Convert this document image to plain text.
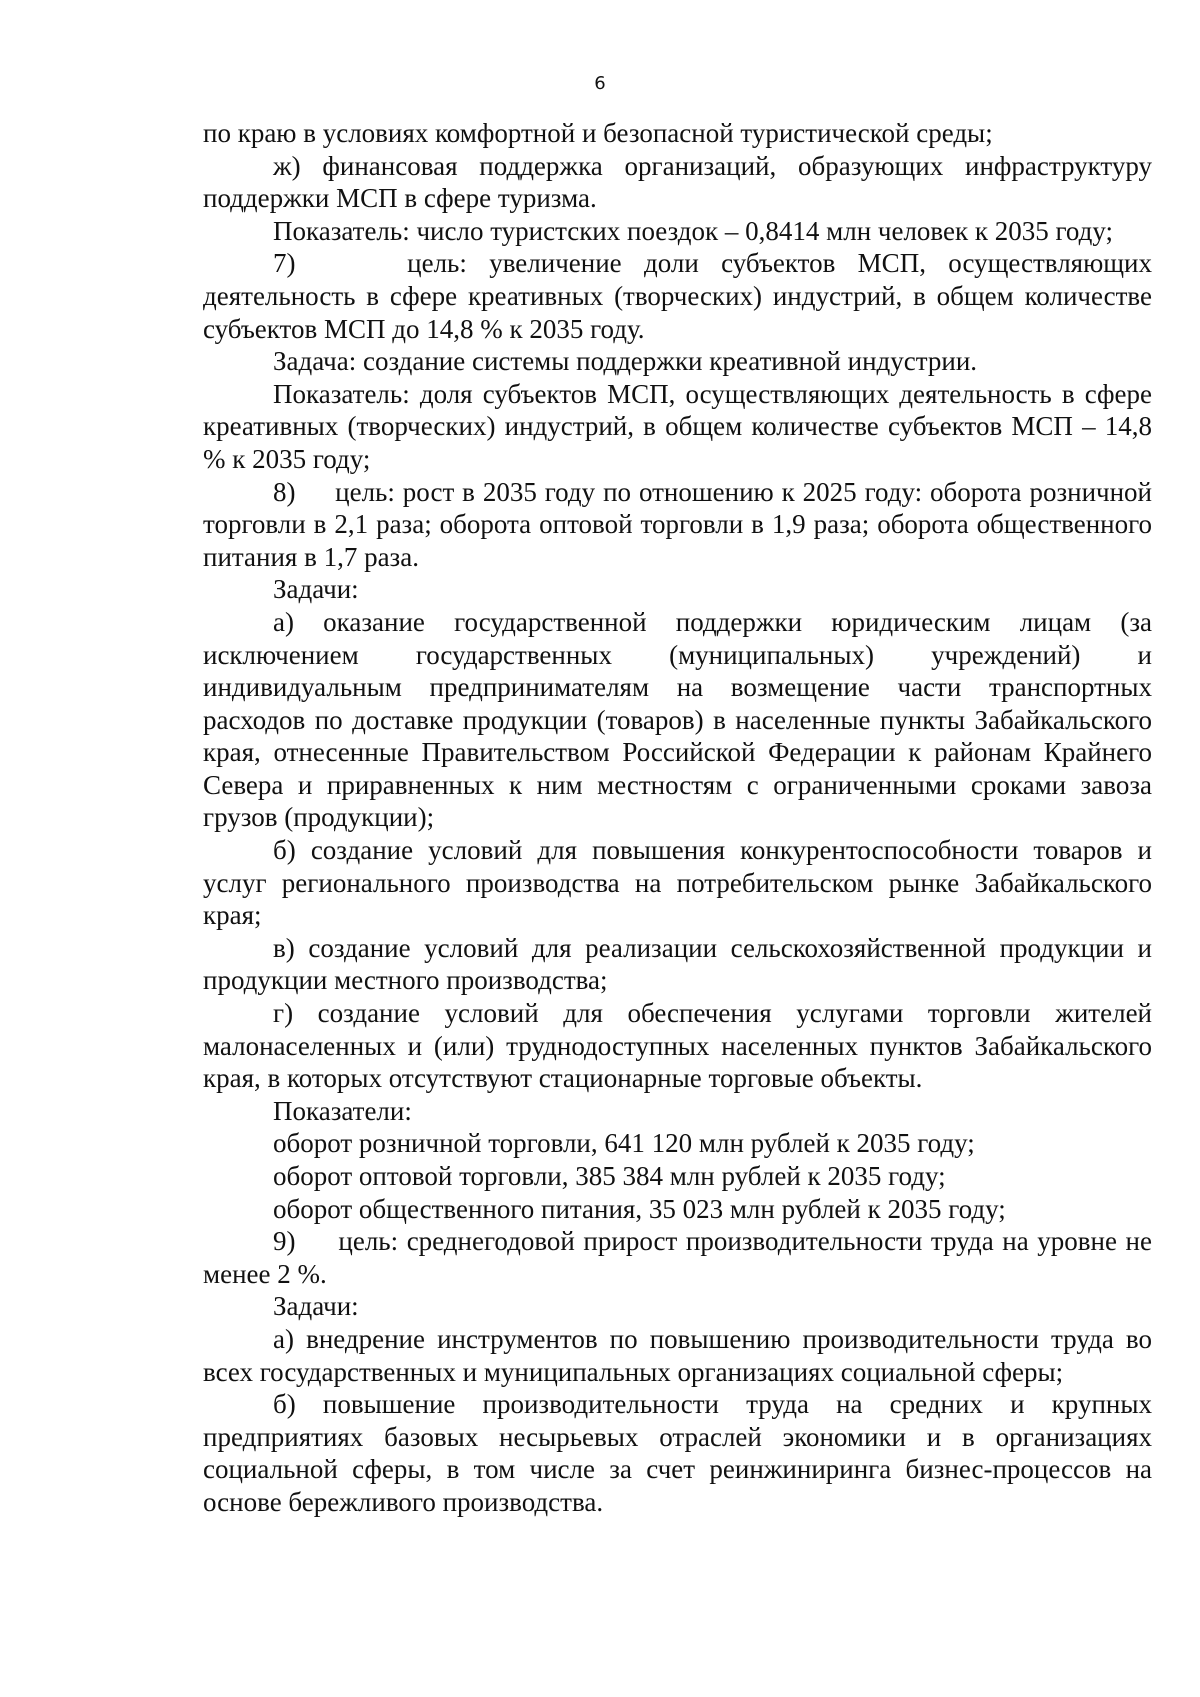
6

по краю в условиях комфортной и безопасной туристической среды;

ж) финансовая поддержка организаций, образующих инфраструктуру поддержки МСП в сфере туризма.

Показатель: число туристских поездок – 0,8414 млн человек к 2035 году;

7)     цель: увеличение доли субъектов МСП, осуществляющих деятельность в сфере креативных (творческих) индустрий, в общем количестве субъектов МСП до 14,8 % к 2035 году.

Задача: создание системы поддержки креативной индустрии.

Показатель: доля субъектов МСП, осуществляющих деятельность в сфере креативных (творческих) индустрий, в общем количестве субъектов МСП – 14,8 % к 2035 году;

8)     цель: рост в 2035 году по отношению к 2025 году: оборота розничной торговли в 2,1 раза; оборота оптовой торговли в 1,9 раза; оборота общественного питания в 1,7 раза.

Задачи:

а) оказание государственной поддержки юридическим лицам (за исключением государственных (муниципальных) учреждений) и индивидуальным предпринимателям на возмещение части транспортных расходов по доставке продукции (товаров) в населенные пункты Забайкальского края, отнесенные Правительством Российской Федерации к районам Крайнего Севера и приравненных к ним местностям с ограниченными сроками завоза грузов (продукции);

б) создание условий для повышения конкурентоспособности товаров и услуг регионального производства на потребительском рынке Забайкальского края;

в) создание условий для реализации сельскохозяйственной продукции и продукции местного производства;

г) создание условий для обеспечения услугами торговли жителей малонаселенных и (или) труднодоступных населенных пунктов Забайкальского края, в которых отсутствуют стационарные торговые объекты.

Показатели:

оборот розничной торговли, 641 120 млн рублей к 2035 году;

оборот оптовой торговли, 385 384 млн рублей к 2035 году;

оборот общественного питания, 35 023 млн рублей к 2035 году;

9)     цель: среднегодовой прирост производительности труда на уровне не менее 2 %.

Задачи:

а) внедрение инструментов по повышению производительности труда во всех государственных и муниципальных организациях социальной сферы;

б) повышение производительности труда на средних и крупных предприятиях базовых несырьевых отраслей экономики и в организациях социальной сферы, в том числе за счет реинжиниринга бизнес-процессов на основе бережливого производства.
